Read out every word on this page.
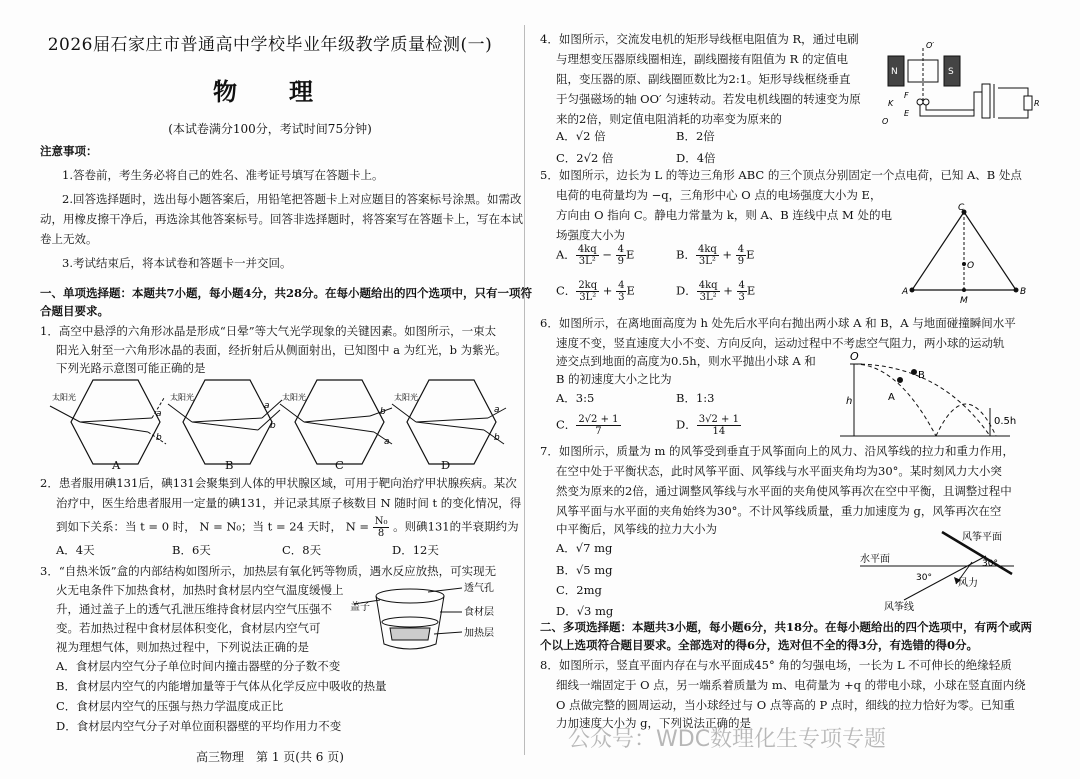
2026届石家庄市普通高中学校毕业年级教学质量检测(一)
物　理
(本试卷满分100分，考试时间75分钟)
注意事项：
1.答卷前，考生务必将自己的姓名、准考证号填写在答题卡上。
2.回答选择题时，选出每小题答案后，用铅笔把答题卡上对应题目的答案标号涂黑。如需改
动，用橡皮擦干净后，再选涂其他答案标号。回答非选择题时，将答案写在答题卡上，写在本试
卷上无效。
3.考试结束后，将本试卷和答题卡一并交回。
一、单项选择题：本题共7小题，每小题4分，共28分。在每小题给出的四个选项中，只有一项符
合题目要求。
1．高空中悬浮的六角形冰晶是形成“日晕”等大气光学现象的关键因素。如图所示，一束太
阳光入射至一六角形冰晶的表面，经折射后从侧面射出，已知图中 a 为红光，b 为紫光。
下列光路示意图可能正确的是
太阳光	太阳光	太阳光	太阳光
a
b
a
b
a
b	a
b
A	B	C	D
2．患者服用碘131后，碘131会聚集到人体的甲状腺区域，可用于靶向治疗甲状腺疾病。某次
治疗中，医生给患者服用一定量的碘131，并记录其原子核数目 N 随时间 t 的变化情况，得
到如下关系：当 t = 0 时， N = N₀；当 t = 24 天时， $N = \frac{\text{N₀}}{8}$ 。则碘131的半衰期约为
A．4天	B．6天	C．8天	D．12天
3．“自热米饭”盒的内部结构如图所示，加热层有氧化钙等物质，遇水反应放热，可实现无
火无电条件下加热食材，加热时食材层内空气温度缓慢上
升，通过盖子上的透气孔泄压维持食材层内空气压强不
变。若加热过程中食材层体积变化，食材层内空气可
视为理想气体，则加热过程中，下列说法正确的是
透气孔
食材层
加热层
盖子
A．食材层内空气分子单位时间内撞击器壁的分子数不变
B．食材层内空气的内能增加量等于气体从化学反应中吸收的热量
C．食材层内空气的压强与热力学温度成正比
D．食材层内空气分子对单位面积器壁的平均作用力不变
高三物理　第 1 页(共 6 页)
4．如图所示，交流发电机的矩形导线框电阻值为 R，通过电刷
与理想变压器原线圈相连，副线圈接有阻值为 R 的定值电
阻，变压器的原、副线圈匝数比为2:1。矩形导线框绕垂直
于匀强磁场的轴 OO′ 匀速转动。若发电机线圈的转速变为原
来的2倍，则定值电阻消耗的功率变为原来的
N	S
O′
O
K
F
E
R
A．√2 倍	B．2倍
C．2√2 倍	D．4倍
5．如图所示，边长为 L 的等边三角形 ABC 的三个顶点分别固定一个点电荷，已知 A、B 处点
电荷的电荷量均为 −q，三角形中心 O 点的电场强度大小为 E，
方向由 O 指向 C。静电力常量为 k，则 A、B 连线中点 M 处的电
场强度大小为
A． $\frac{4kq}{\text{3L²}} - \frac{4}{9}$ E	B． $\frac{4kq}{\text{3L²}} + \frac{4}{9}$ E
C． $\frac{2kq}{\text{3L²}} + \frac{4}{3}$ E	D． $\frac{4kq}{\text{3L²}} + \frac{4}{3}$ E
C
A	B
O
M
6．如图所示，在离地面高度为 h 处先后水平向右抛出两小球 A 和 B，A 与地面碰撞瞬间水平
速度不变，竖直速度大小不变、方向反向，运动过程中不考虑空气阻力，两小球的运动轨
迹交点到地面的高度为0.5h，则水平抛出小球 A 和
B 的初速度大小之比为
A．3:5	B．1:3
C． $\frac{2√2 + 1}{7}$	D． $\frac{3√2 + 1}{14}$
O
h	A
B
0.5h
7．如图所示，质量为 m 的风筝受到垂直于风筝面向上的风力、沿风筝线的拉力和重力作用，
在空中处于平衡状态，此时风筝平面、风筝线与水平面夹角均为30°。某时刻风力大小突
然变为原来的2倍，通过调整风筝线与水平面的夹角使风筝再次在空中平衡，且调整过程中
风筝平面与水平面的夹角始终为30°。不计风筝线质量，重力加速度为 g，风筝再次在空
中平衡后，风筝线的拉力大小为
A．√7 mg
B．√5 mg
C．2mg
D．√3 mg
风筝平面
水平面
风力
风筝线
30°
30°
二、多项选择题：本题共3小题，每小题6分，共18分。在每小题给出的四个选项中，有两个或两
个以上选项符合题目要求。全部选对的得6分，选对但不全的得3分，有选错的得0分。
8．如图所示，竖直平面内存在与水平面成45° 角的匀强电场，一长为 L 不可伸长的绝缘轻质
细线一端固定于 O 点，另一端系着质量为 m、电荷量为 +q 的带电小球，小球在竖直面内绕
O 点做完整的圆周运动，当小球经过与 O 点等高的 P 点时，细线的拉力恰好为零。已知重
力加速度大小为 g，下列说法正确的是
公众号：WDC数理化生专项专题
